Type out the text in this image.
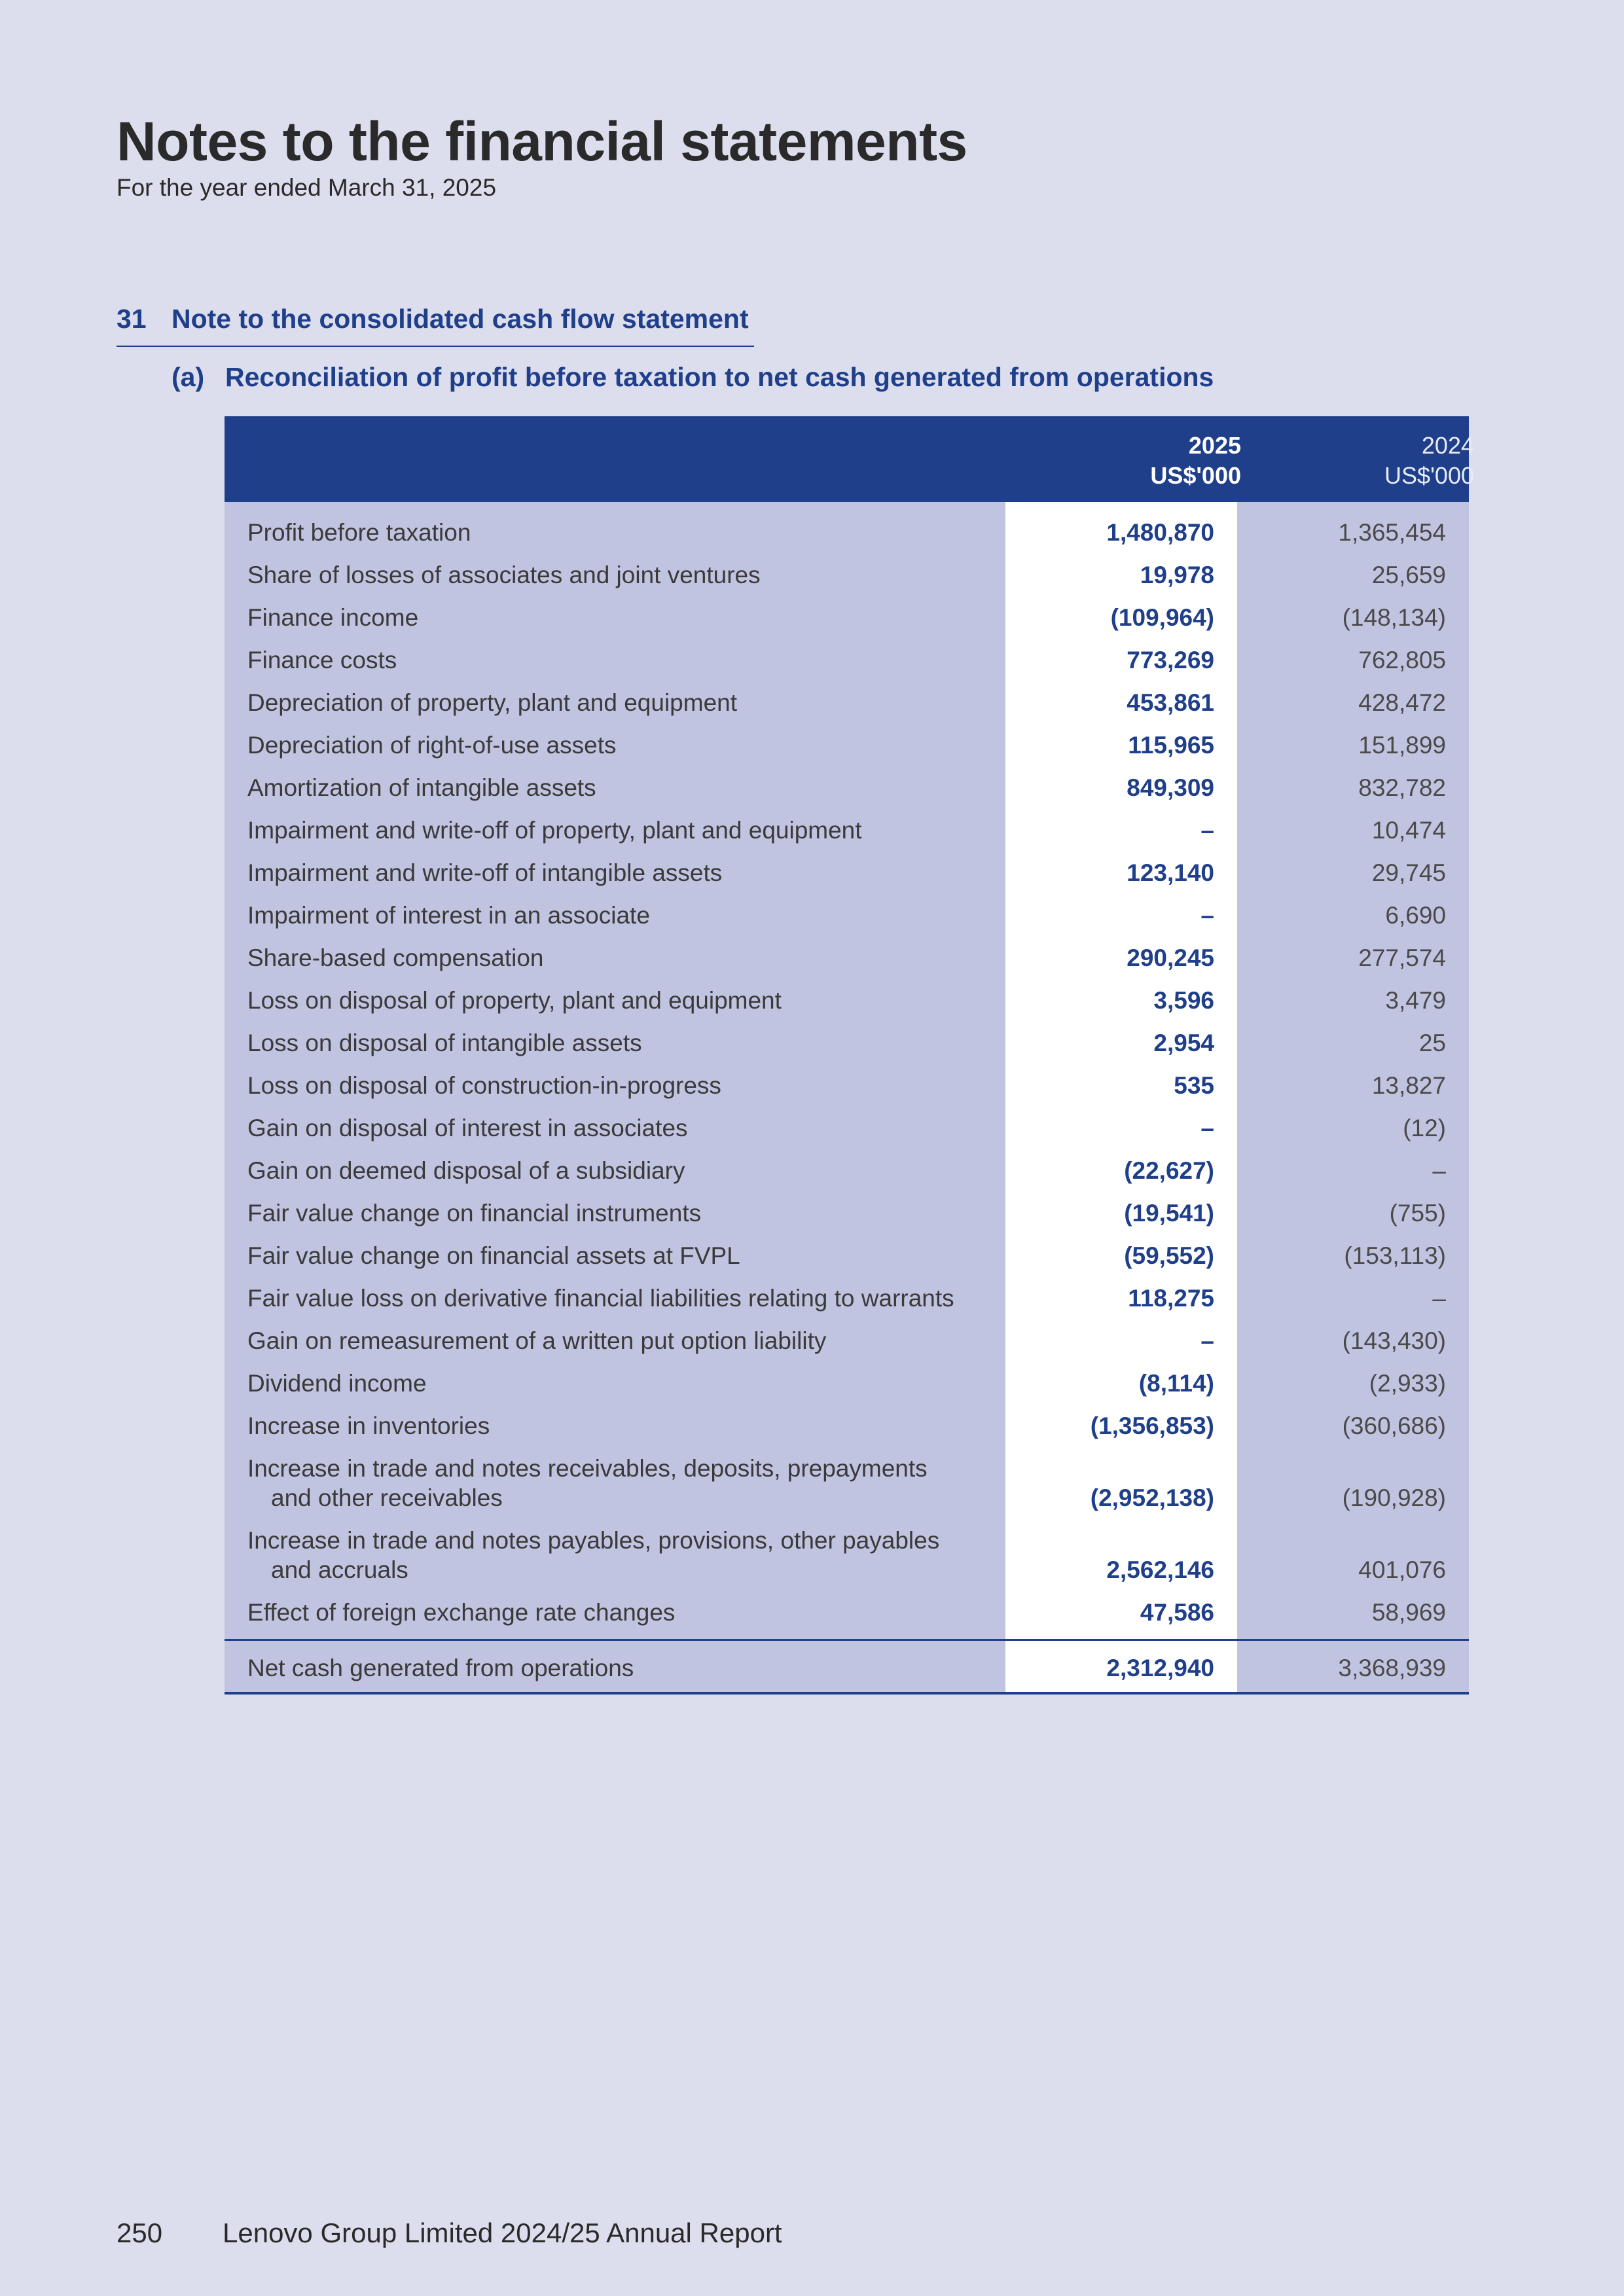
Notes to the financial statements
For the year ended March 31, 2025
31 Note to the consolidated cash flow statement
(a) Reconciliation of profit before taxation to net cash generated from operations
2025
US$'000
2024
US$'000
Profit before taxation	1,480,870	1,365,454
Share of losses of associates and joint ventures	19,978	25,659
Finance income	(109,964)	(148,134)
Finance costs	773,269	762,805
Depreciation of property, plant and equipment	453,861	428,472
Depreciation of right-of-use assets	115,965	151,899
Amortization of intangible assets	849,309	832,782
Impairment and write-off of property, plant and equipment	–	10,474
Impairment and write-off of intangible assets	123,140	29,745
Impairment of interest in an associate	–	6,690
Share-based compensation	290,245	277,574
Loss on disposal of property, plant and equipment	3,596	3,479
Loss on disposal of intangible assets	2,954	25
Loss on disposal of construction-in-progress	535	13,827
Gain on disposal of interest in associates	–	(12)
Gain on deemed disposal of a subsidiary	(22,627)	–
Fair value change on financial instruments	(19,541)	(755)
Fair value change on financial assets at FVPL	(59,552)	(153,113)
Fair value loss on derivative financial liabilities relating to warrants	118,275	–
Gain on remeasurement of a written put option liability	–	(143,430)
Dividend income	(8,114)	(2,933)
Increase in inventories	(1,356,853)	(360,686)
Increase in trade and notes receivables, deposits, prepayments
and other receivables	(2,952,138)	(190,928)
Increase in trade and notes payables, provisions, other payables
and accruals	2,562,146	401,076
Effect of foreign exchange rate changes	47,586	58,969
Net cash generated from operations	2,312,940	3,368,939
250 Lenovo Group Limited 2024/25 Annual Report
